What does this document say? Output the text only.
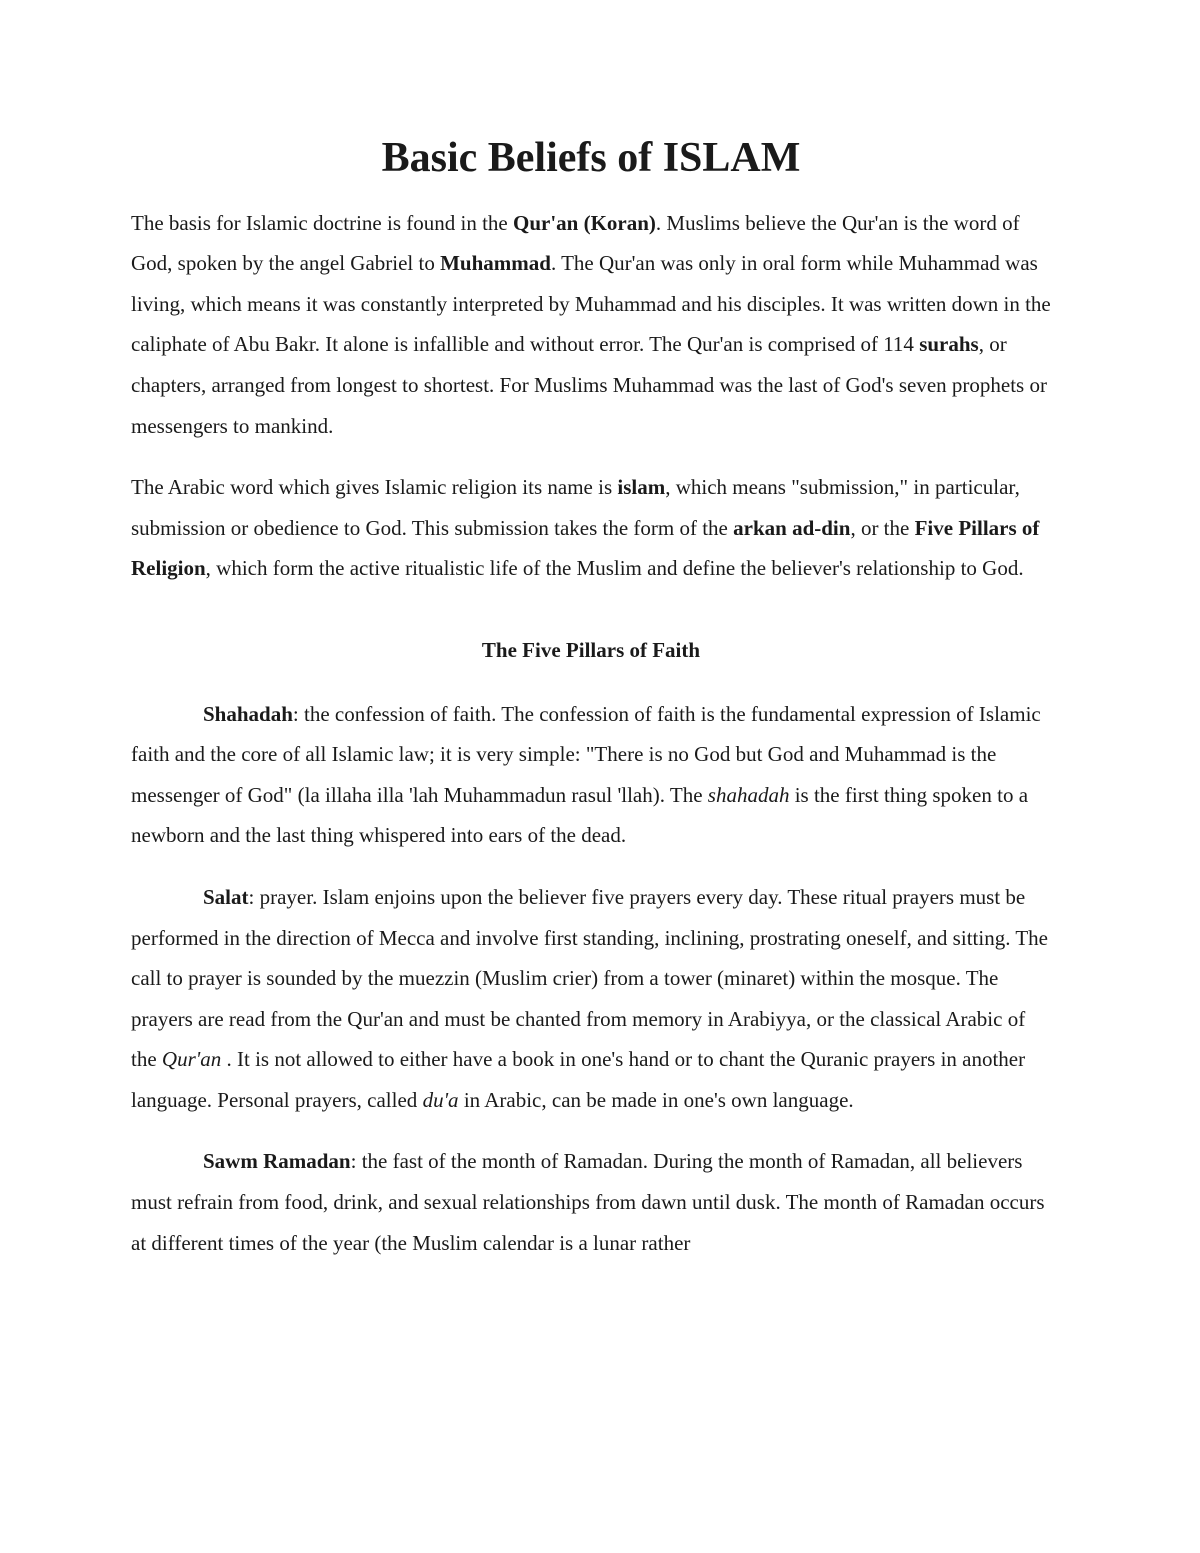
Basic Beliefs of ISLAM

The basis for Islamic doctrine is found in the Qur'an (Koran). Muslims believe the Qur'an is the word of God, spoken by the angel Gabriel to Muhammad. The Qur'an was only in oral form while Muhammad was living, which means it was constantly interpreted by Muhammad and his disciples. It was written down in the caliphate of Abu Bakr. It alone is infallible and without error. The Qur'an is comprised of 114 surahs, or chapters, arranged from longest to shortest. For Muslims Muhammad was the last of God's seven prophets or messengers to mankind.

The Arabic word which gives Islamic religion its name is islam, which means "submission," in particular, submission or obedience to God. This submission takes the form of the arkan ad-din, or the Five Pillars of Religion, which form the active ritualistic life of the Muslim and define the believer's relationship to God.

The Five Pillars of Faith

Shahadah: the confession of faith. The confession of faith is the fundamental expression of Islamic faith and the core of all Islamic law; it is very simple: "There is no God but God and Muhammad is the messenger of God" (la illaha illa 'lah Muhammadun rasul 'llah). The shahadah is the first thing spoken to a newborn and the last thing whispered into ears of the dead.

Salat: prayer. Islam enjoins upon the believer five prayers every day. These ritual prayers must be performed in the direction of Mecca and involve first standing, inclining, prostrating oneself, and sitting. The call to prayer is sounded by the muezzin (Muslim crier) from a tower (minaret) within the mosque. The prayers are read from the Qur'an and must be chanted from memory in Arabiyya, or the classical Arabic of the Qur'an . It is not allowed to either have a book in one's hand or to chant the Quranic prayers in another language. Personal prayers, called du'a in Arabic, can be made in one's own language.

Sawm Ramadan: the fast of the month of Ramadan. During the month of Ramadan, all believers must refrain from food, drink, and sexual relationships from dawn until dusk. The month of Ramadan occurs at different times of the year (the Muslim calendar is a lunar rather
